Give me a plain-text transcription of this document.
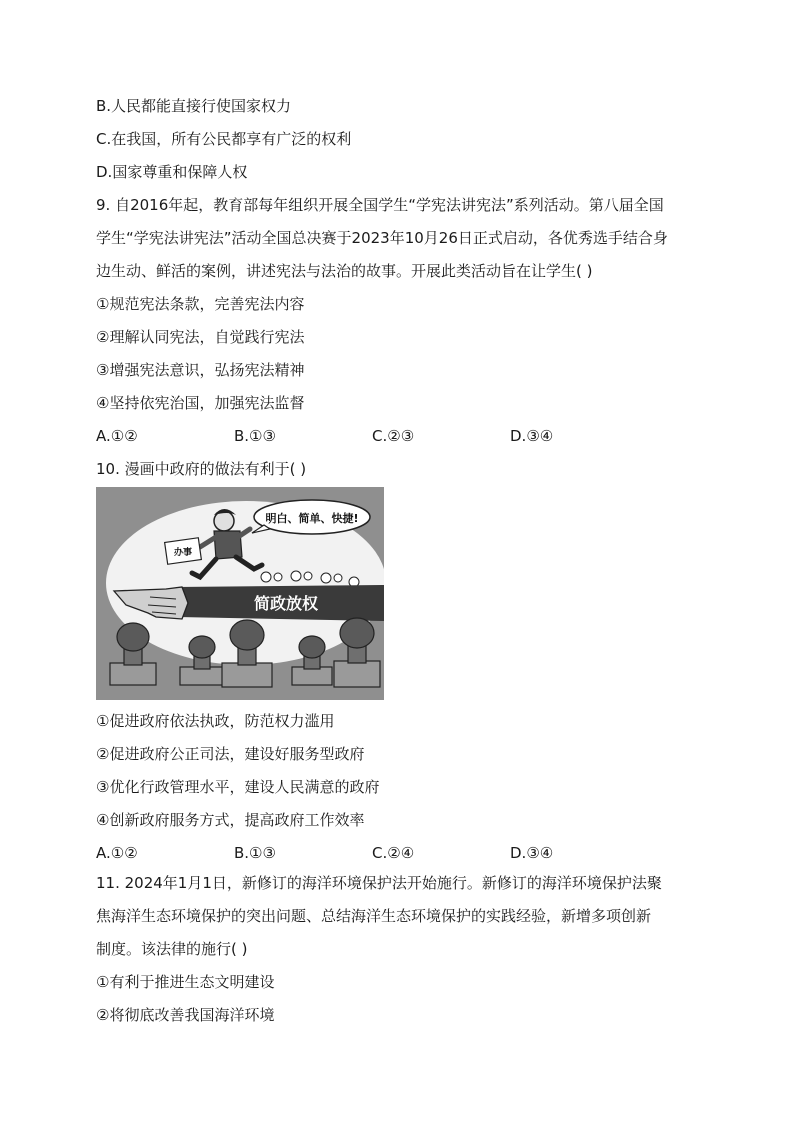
B.人民都能直接行使国家权力
C.在我国，所有公民都享有广泛的权利
D.国家尊重和保障人权
9. 自2016年起，教育部每年组织开展全国学生“学宪法讲宪法”系列活动。第八届全国
学生“学宪法讲宪法”活动全国总决赛于2023年10月26日正式启动，各优秀选手结合身
边生动、鲜活的案例，讲述宪法与法治的故事。开展此类活动旨在让学生( )
①规范宪法条款，完善宪法内容
②理解认同宪法，自觉践行宪法
③增强宪法意识，弘扬宪法精神
④坚持依宪治国，加强宪法监督
A.①②	B.①③	C.②③	D.③④
10. 漫画中政府的做法有利于( )
明白、简单、快捷!
办事
简政放权
①促进政府依法执政，防范权力滥用
②促进政府公正司法，建设好服务型政府
③优化行政管理水平，建设人民满意的政府
④创新政府服务方式，提高政府工作效率
A.①②	B.①③	C.②④	D.③④
11. 2024年1月1日，新修订的海洋环境保护法开始施行。新修订的海洋环境保护法聚
焦海洋生态环境保护的突出问题、总结海洋生态环境保护的实践经验，新增多项创新
制度。该法律的施行( )
①有利于推进生态文明建设
②将彻底改善我国海洋环境
